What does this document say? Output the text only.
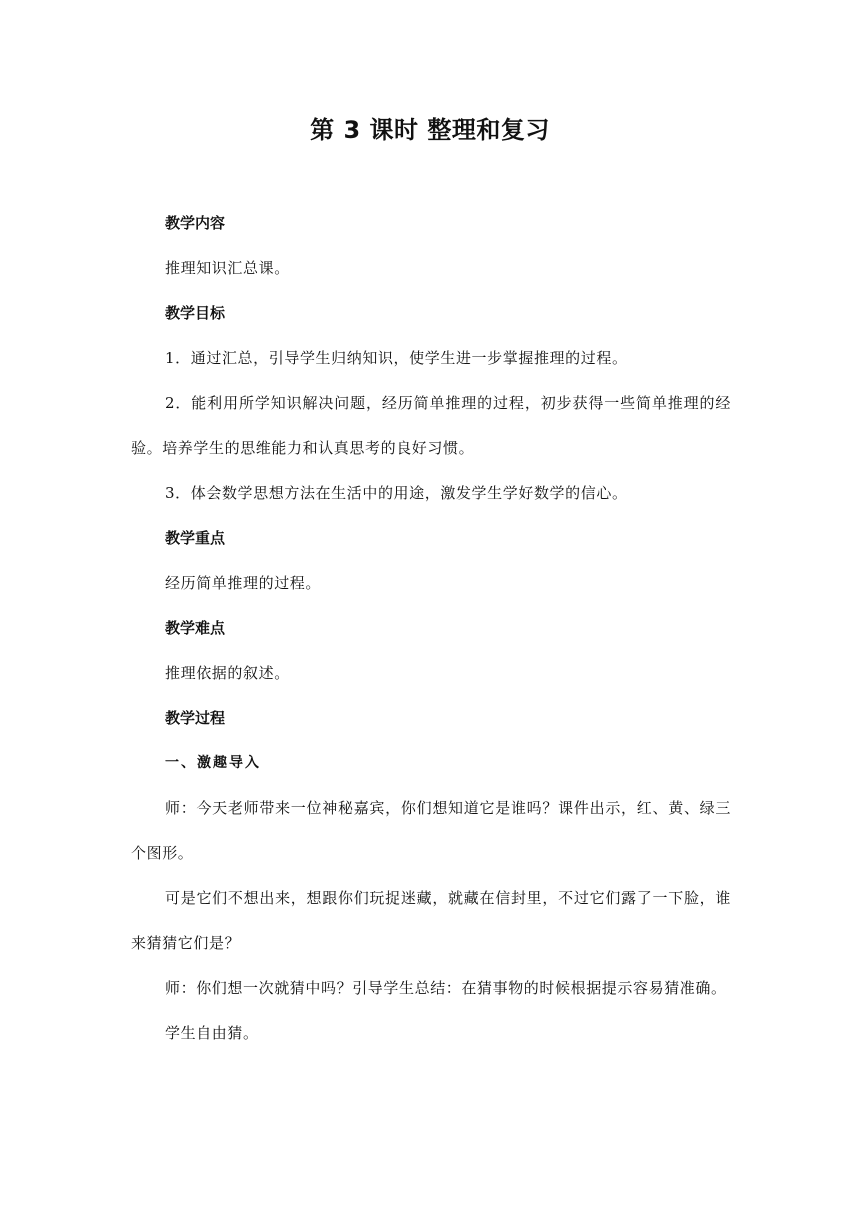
第 3 课时 整理和复习
教学内容

推理知识汇总课。

教学目标

1．通过汇总，引导学生归纳知识，使学生进一步掌握推理的过程。

2．能利用所学知识解决问题，经历简单推理的过程，初步获得一些简单推理的经验。培养学生的思维能力和认真思考的良好习惯。

3．体会数学思想方法在生活中的用途，激发学生学好数学的信心。

教学重点

经历简单推理的过程。

教学难点

推理依据的叙述。

教学过程
一、激趣导入

师：今天老师带来一位神秘嘉宾，你们想知道它是谁吗？课件出示，红、黄、绿三个图形。

可是它们不想出来，想跟你们玩捉迷藏，就藏在信封里，不过它们露了一下脸，谁来猜猜它们是？

师：你们想一次就猜中吗？引导学生总结：在猜事物的时候根据提示容易猜准确。

学生自由猜。
